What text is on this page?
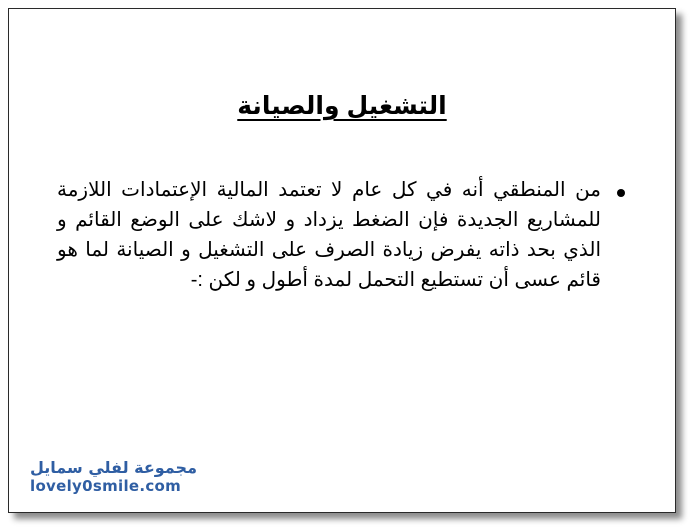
التشغيل والصيانة
من المنطقي أنه في كل عام لا تعتمد المالية الإعتمادات اللازمة للمشاريع الجديدة فإن الضغط يزداد و لاشك على الوضع القائم و الذي بحد ذاته يفرض زيادة الصرف على التشغيل و الصيانة لما هو قائم عسى أن تستطيع التحمل لمدة أطول و لكن :-
مجموعة لفلي سمايل
lovely0smile.com
